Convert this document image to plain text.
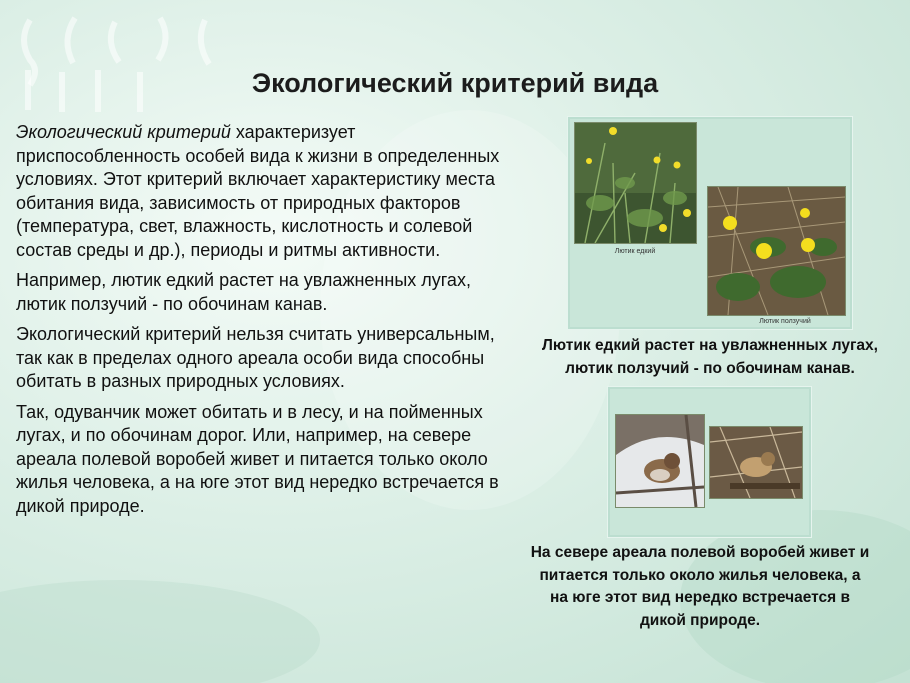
Экологический критерий вида

Экологический критерий характеризует приспособленность особей вида к жизни в определенных условиях. Этот критерий включает характеристику места обитания вида, зависимость от природных факторов (температура, свет, влажность, кислотность и солевой состав среды и др.), периоды и ритмы активности.

Например, лютик едкий растет на увлажненных лугах, лютик ползучий - по обочинам канав.

Экологический критерий нельзя считать универсальным, так как в пределах одного ареала особи вида способны обитать в разных природных условиях.

Так, одуванчик может обитать и в лесу, и на пойменных лугах, и по обочинам дорог. Или, например, на севере ареала полевой воробей живет и питается только около жилья человека, а на юге этот вид нередко встречается в дикой природе.

Лютик едкий
Лютик ползучий
Лютик едкий растет на увлажненных лугах,
лютик ползучий - по обочинам канав.
На севере ареала полевой воробей живет и
питается только около жилья человека, а
на юге этот вид нередко встречается в
дикой природе.
